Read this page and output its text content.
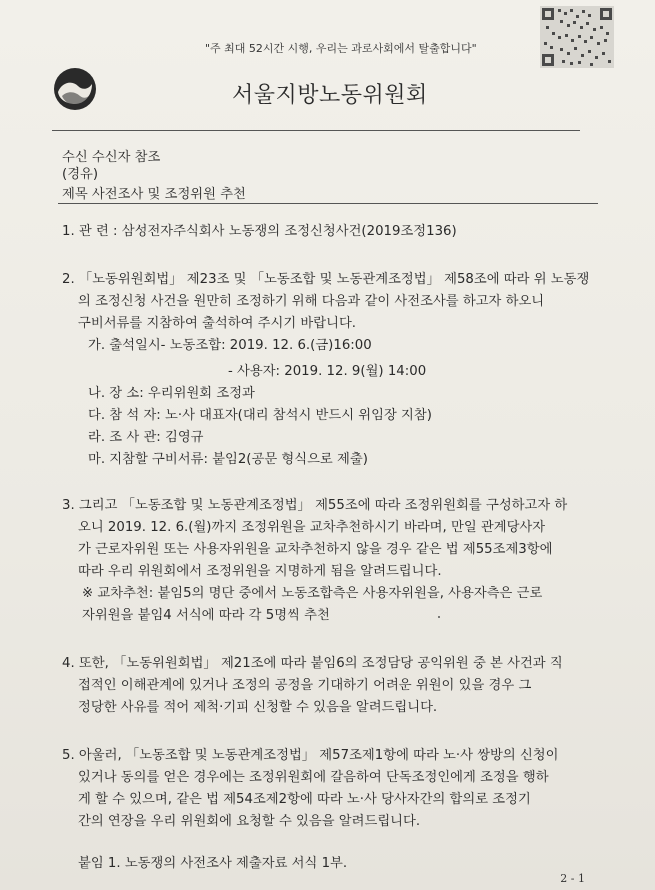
"주 최대 52시간 시행, 우리는 과로사회에서 탈출합니다"
서울지방노동위원회
수신 수신자 참조
(경유)
제목 사전조사 및 조정위원 추천
1. 관 련 : 삼성전자주식회사 노동쟁의 조정신청사건(2019조정136)
2. 「노동위원회법」 제23조 및 「노동조합 및 노동관계조정법」 제58조에 따라 위 노동쟁
의 조정신청 사건을 원만히 조정하기 위해 다음과 같이 사전조사를 하고자 하오니
구비서류를 지참하여 출석하여 주시기 바랍니다.
가. 출석일시- 노동조합: 2019. 12. 6.(금)16:00
- 사용자: 2019. 12. 9(월) 14:00
나. 장 소: 우리위원회 조정과
다. 참 석 자: 노·사 대표자(대리 참석시 반드시 위임장 지참)
라. 조 사 관: 김영규
마. 지참할 구비서류: 붙임2(공문 형식으로 제출)
3. 그리고 「노동조합 및 노동관계조정법」 제55조에 따라 조정위원회를 구성하고자 하
오니 2019. 12. 6.(월)까지 조정위원을 교차추천하시기 바라며, 만일 관계당사자
가 근로자위원 또는 사용자위원을 교차추천하지 않을 경우 같은 법 제55조제3항에
따라 우리 위원회에서 조정위원을 지명하게 됨을 알려드립니다.
※ 교차추천: 붙임5의 명단 중에서 노동조합측은 사용자위원을, 사용자측은 근로
자위원을 붙임4 서식에 따라 각 5명씩 추천
4. 또한, 「노동위원회법」 제21조에 따라 붙임6의 조정담당 공익위원 중 본 사건과 직
접적인 이해관계에 있거나 조정의 공정을 기대하기 어려운 위원이 있을 경우 그
정당한 사유를 적어 제척·기피 신청할 수 있음을 알려드립니다.
5. 아울러, 「노동조합 및 노동관계조정법」 제57조제1항에 따라 노·사 쌍방의 신청이
있거나 동의를 얻은 경우에는 조정위원회에 갈음하여 단독조정인에게 조정을 행하
게 할 수 있으며, 같은 법 제54조제2항에 따라 노·사 당사자간의 합의로 조정기
간의 연장을 우리 위원회에 요청할 수 있음을 알려드립니다.
붙임 1. 노동쟁의 사전조사 제출자료 서식 1부.
2 - 1
